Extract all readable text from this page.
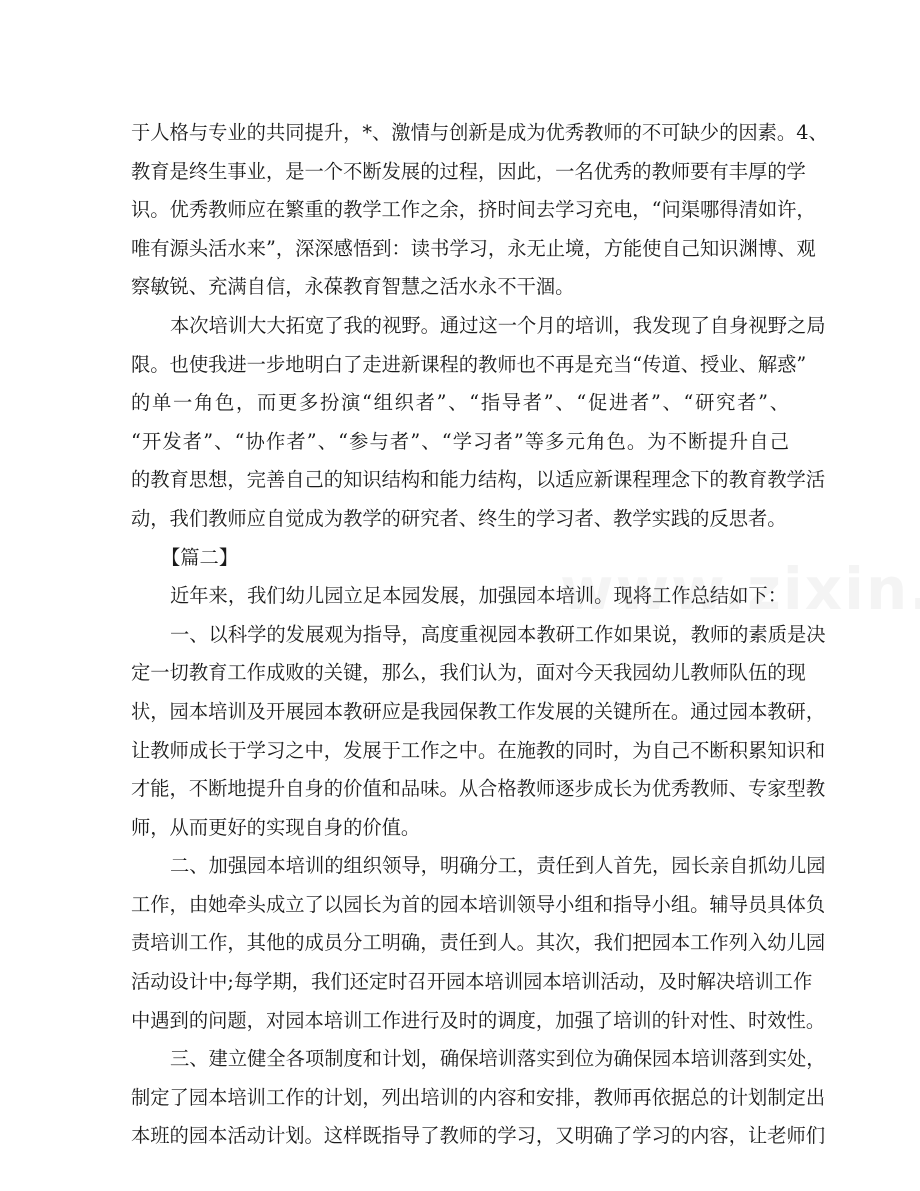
于人格与专业的共同提升，*、激情与创新是成为优秀教师的不可缺少的因素。4、
教育是终生事业，是一个不断发展的过程，因此，一名优秀的教师要有丰厚的学
识。优秀教师应在繁重的教学工作之余，挤时间去学习充电，“问渠哪得清如许，
唯有源头活水来”，深深感悟到：读书学习，永无止境，方能使自己知识渊博、观
察敏锐、充满自信，永葆教育智慧之活水永不干涸。
本次培训大大拓宽了我的视野。通过这一个月的培训，我发现了自身视野之局
限。也使我进一步地明白了走进新课程的教师也不再是充当“传道、授业、解惑”
的单一角色，而更多扮演“组织者”、“指导者”、“促进者”、“研究者”、
“开发者”、“协作者”、“参与者”、“学习者”等多元角色。为不断提升自己
的教育思想，完善自己的知识结构和能力结构，以适应新课程理念下的教育教学活
动，我们教师应自觉成为教学的研究者、终生的学习者、教学实践的反思者。
【篇二】
近年来，我们幼儿园立足本园发展，加强园本培训。现将工作总结如下：
一、以科学的发展观为指导，高度重视园本教研工作如果说，教师的素质是决
定一切教育工作成败的关键，那么，我们认为，面对今天我园幼儿教师队伍的现
状，园本培训及开展园本教研应是我园保教工作发展的关键所在。通过园本教研，
让教师成长于学习之中，发展于工作之中。在施教的同时，为自己不断积累知识和
才能，不断地提升自身的价值和品味。从合格教师逐步成长为优秀教师、专家型教
师，从而更好的实现自身的价值。
二、加强园本培训的组织领导，明确分工，责任到人首先，园长亲自抓幼儿园
工作，由她牵头成立了以园长为首的园本培训领导小组和指导小组。辅导员具体负
责培训工作，其他的成员分工明确，责任到人。其次，我们把园本工作列入幼儿园
活动设计中;每学期，我们还定时召开园本培训园本培训活动，及时解决培训工作
中遇到的问题，对园本培训工作进行及时的调度，加强了培训的针对性、时效性。
三、建立健全各项制度和计划，确保培训落实到位为确保园本培训落到实处，
制定了园本培训工作的计划，列出培训的内容和安排，教师再依据总的计划制定出
本班的园本活动计划。这样既指导了教师的学习，又明确了学习的内容，让老师们
